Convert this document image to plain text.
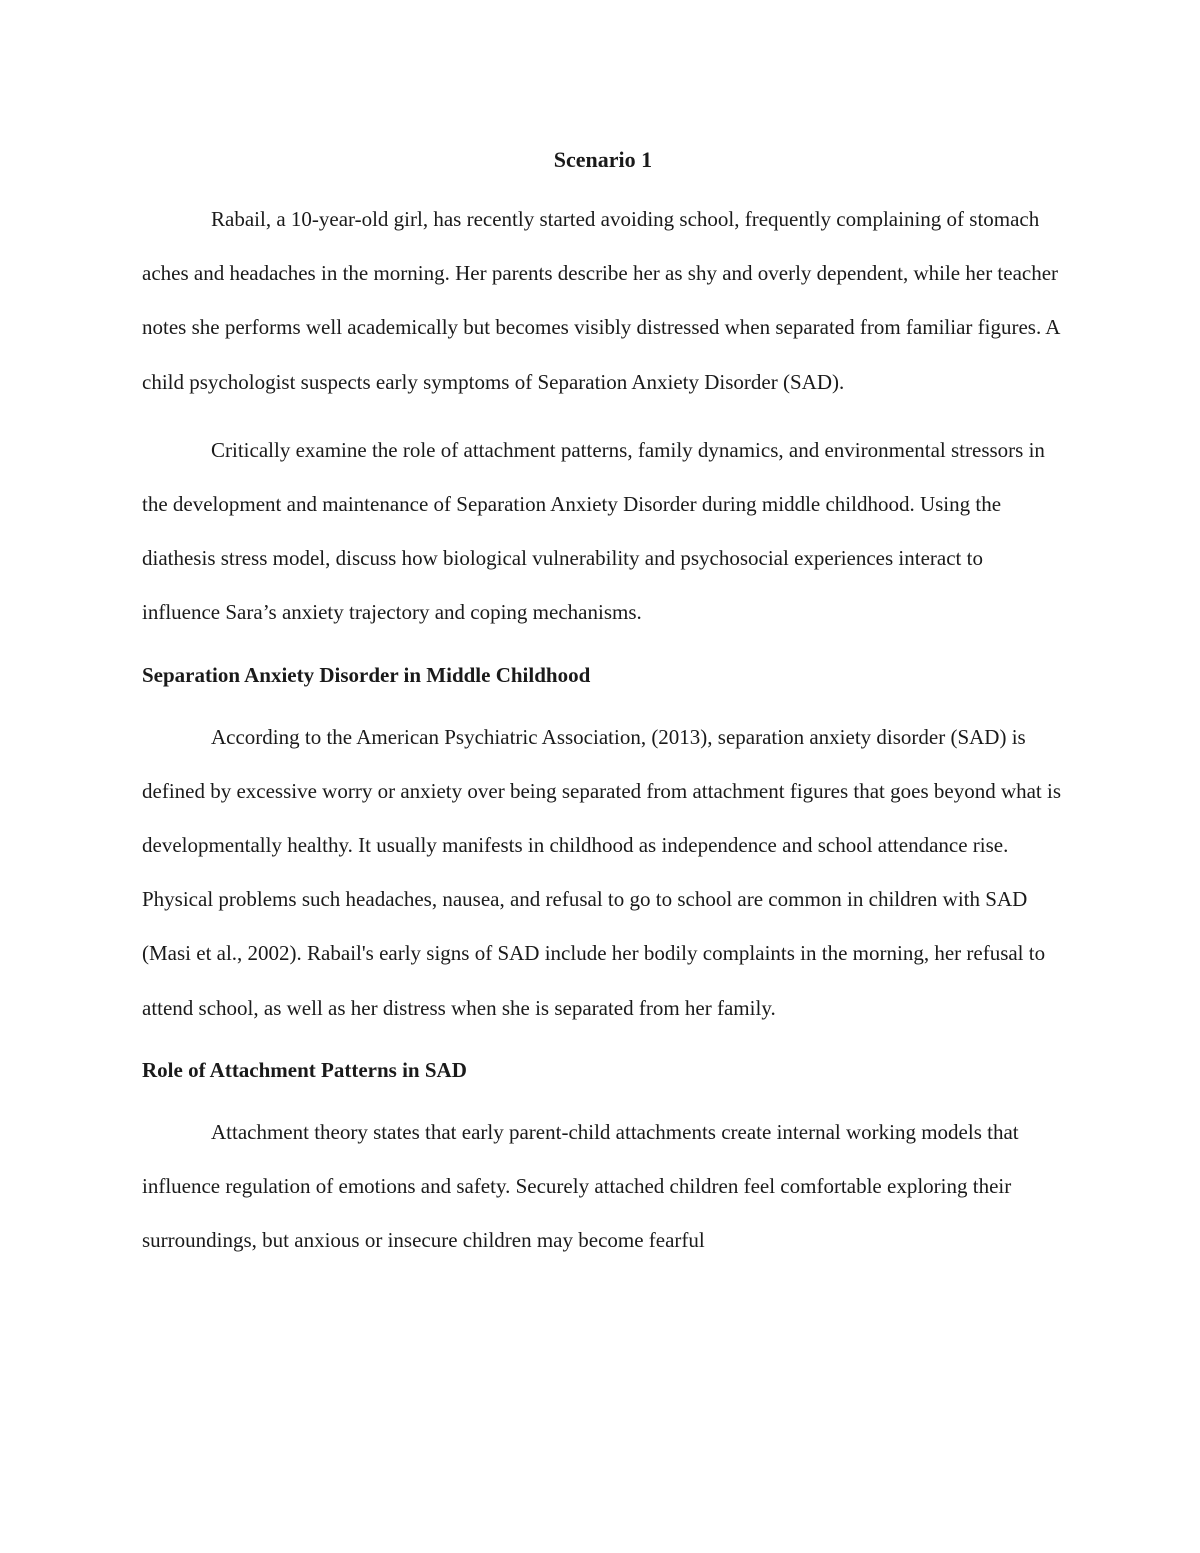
Scenario 1

Rabail, a 10-year-old girl, has recently started avoiding school, frequently complaining of stomach aches and headaches in the morning. Her parents describe her as shy and overly dependent, while her teacher notes she performs well academically but becomes visibly distressed when separated from familiar figures. A child psychologist suspects early symptoms of Separation Anxiety Disorder (SAD).

Critically examine the role of attachment patterns, family dynamics, and environmental stressors in the development and maintenance of Separation Anxiety Disorder during middle childhood. Using the diathesis stress model, discuss how biological vulnerability and psychosocial experiences interact to influence Sara’s anxiety trajectory and coping mechanisms.

Separation Anxiety Disorder in Middle Childhood

According to the American Psychiatric Association, (2013), separation anxiety disorder (SAD) is defined by excessive worry or anxiety over being separated from attachment figures that goes beyond what is developmentally healthy. It usually manifests in childhood as independence and school attendance rise. Physical problems such headaches, nausea, and refusal to go to school are common in children with SAD (Masi et al., 2002). Rabail's early signs of SAD include her bodily complaints in the morning, her refusal to attend school, as well as her distress when she is separated from her family.

Role of Attachment Patterns in SAD

Attachment theory states that early parent-child attachments create internal working models that influence regulation of emotions and safety. Securely attached children feel comfortable exploring their surroundings, but anxious or insecure children may become fearful
